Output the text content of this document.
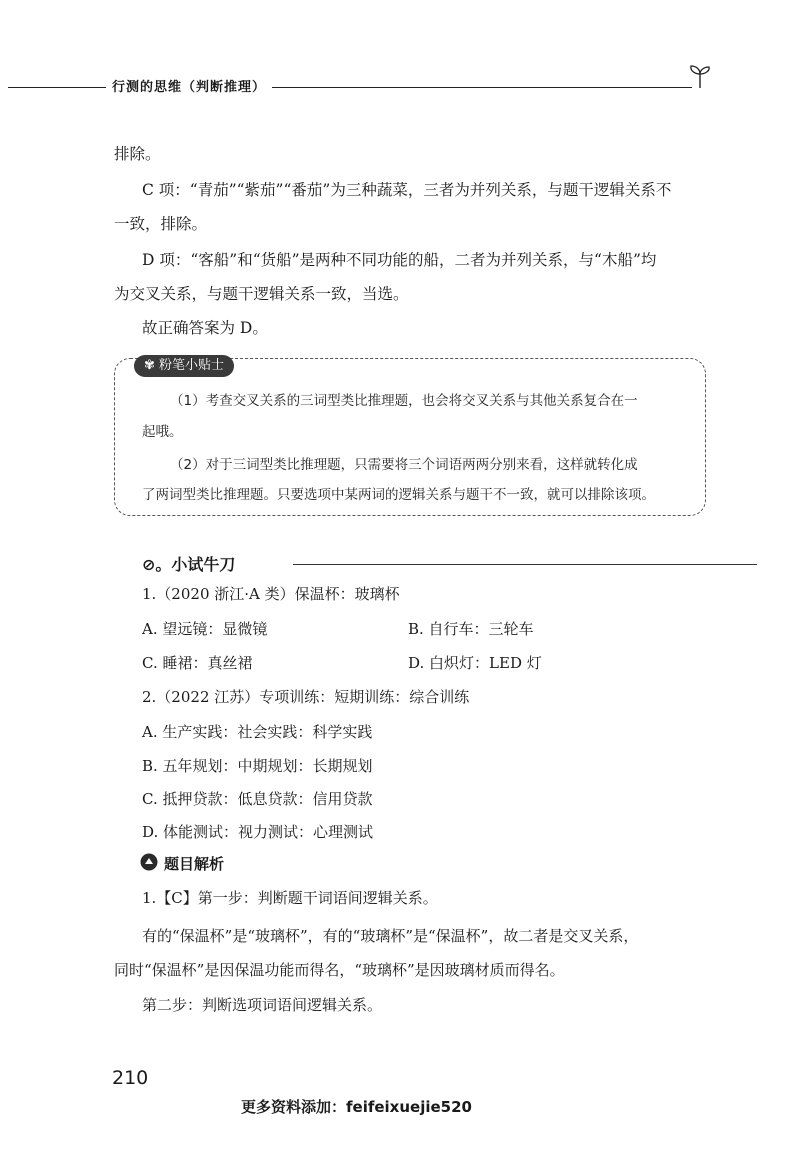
行测的思维（判断推理）
排除。
C 项：“青茄”“紫茄”“番茄”为三种蔬菜，三者为并列关系，与题干逻辑关系不
一致，排除。
D 项：“客船”和“货船”是两种不同功能的船，二者为并列关系，与“木船”均
为交叉关系，与题干逻辑关系一致，当选。
故正确答案为 D。
✾ 粉笔小贴士
（1）考查交叉关系的三词型类比推理题，也会将交叉关系与其他关系复合在一
起哦。
（2）对于三词型类比推理题，只需要将三个词语两两分别来看，这样就转化成
了两词型类比推理题。只要选项中某两词的逻辑关系与题干不一致，就可以排除该项。
⊘。小试牛刀
1.（2020 浙江·A 类）保温杯：玻璃杯
A. 望远镜：显微镜	B. 自行车：三轮车
C. 睡裙：真丝裙	D. 白炽灯：LED 灯
2.（2022 江苏）专项训练：短期训练：综合训练
A. 生产实践：社会实践：科学实践
B. 五年规划：中期规划：长期规划
C. 抵押贷款：低息贷款：信用贷款
D. 体能测试：视力测试：心理测试
题目解析
1.【C】第一步：判断题干词语间逻辑关系。
有的“保温杯”是“玻璃杯”，有的“玻璃杯”是“保温杯”，故二者是交叉关系，
同时“保温杯”是因保温功能而得名，“玻璃杯”是因玻璃材质而得名。
第二步：判断选项词语间逻辑关系。
210
更多资料添加：feifeixuejie520
